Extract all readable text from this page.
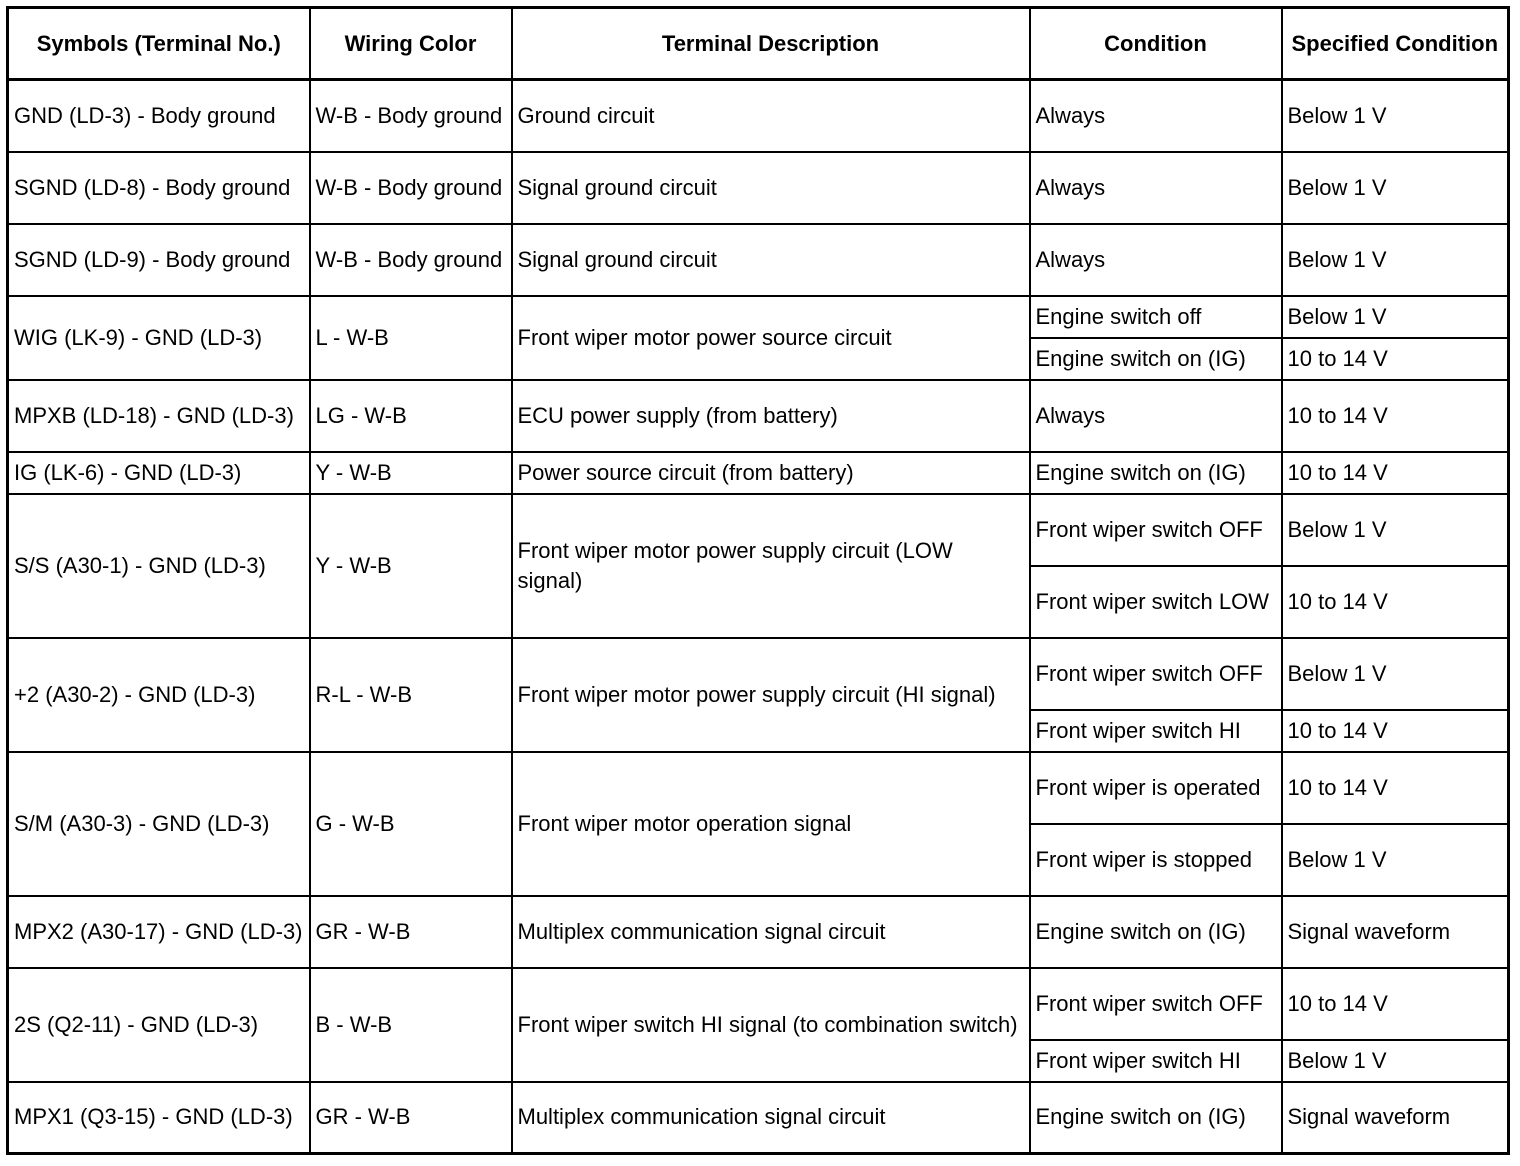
Symbols (Terminal No.)	Wiring Color	Terminal Description	Condition	Specified Condition
GND (LD-3) - Body ground	W-B - Body ground	Ground circuit	Always	Below 1 V
SGND (LD-8) - Body ground	W-B - Body ground	Signal ground circuit	Always	Below 1 V
SGND (LD-9) - Body ground	W-B - Body ground	Signal ground circuit	Always	Below 1 V
WIG (LK-9) - GND (LD-3)	L - W-B	Front wiper motor power source circuit	Engine switch off	Below 1 V
			Engine switch on (IG)	10 to 14 V
MPXB (LD-18) - GND (LD-3)	LG - W-B	ECU power supply (from battery)	Always	10 to 14 V
IG (LK-6) - GND (LD-3)	Y - W-B	Power source circuit (from battery)	Engine switch on (IG)	10 to 14 V
S/S (A30-1) - GND (LD-3)	Y - W-B	Front wiper motor power supply circuit (LOW signal)	Front wiper switch OFF	Below 1 V
			Front wiper switch LOW	10 to 14 V
+2 (A30-2) - GND (LD-3)	R-L - W-B	Front wiper motor power supply circuit (HI signal)	Front wiper switch OFF	Below 1 V
			Front wiper switch HI	10 to 14 V
S/M (A30-3) - GND (LD-3)	G - W-B	Front wiper motor operation signal	Front wiper is operated	10 to 14 V
			Front wiper is stopped	Below 1 V
MPX2 (A30-17) - GND (LD-3)	GR - W-B	Multiplex communication signal circuit	Engine switch on (IG)	Signal waveform
2S (Q2-11) - GND (LD-3)	B - W-B	Front wiper switch HI signal (to combination switch)	Front wiper switch OFF	10 to 14 V
			Front wiper switch HI	Below 1 V
MPX1 (Q3-15) - GND (LD-3)	GR - W-B	Multiplex communication signal circuit	Engine switch on (IG)	Signal waveform
